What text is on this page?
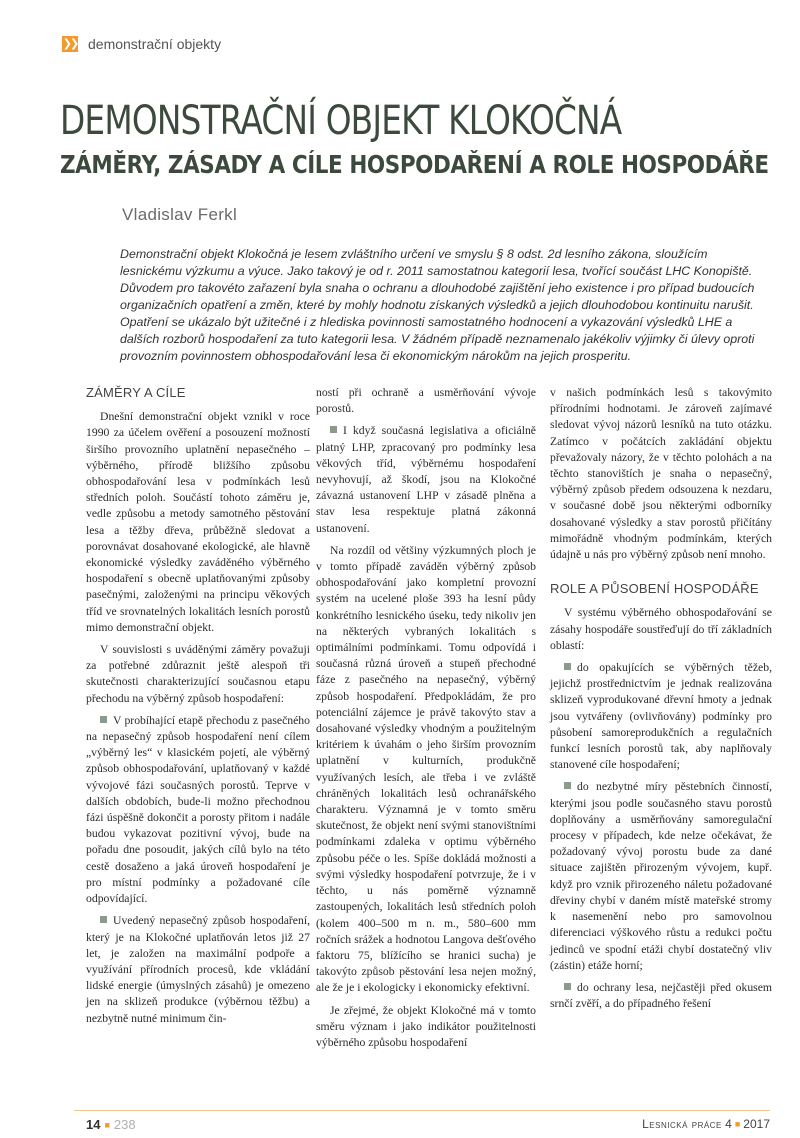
❯❯ demonstrační objekty
DEMONSTRAČNÍ OBJEKT KLOKOČNÁ
ZÁMĚRY, ZÁSADY A CÍLE HOSPODAŘENÍ A ROLE HOSPODÁŘE
Vladislav Ferkl

Demonstrační objekt Klokočná je lesem zvláštního určení ve smyslu § 8 odst. 2d lesního zákona, sloužícím lesnickému výzkumu a výuce. Jako takový je od r. 2011 samostatnou kategorií lesa, tvořící součást LHC Konopiště. Důvodem pro takovéto zařazení byla snaha o ochranu a dlouhodobé zajištění jeho existence i pro případ budoucích organizačních opatření a změn, které by mohly hodnotu získaných výsledků a jejich dlouhodobou kontinuitu narušit. Opatření se ukázalo být užitečné i z hlediska povinnosti samostatného hodnocení a vykazování výsledků LHE a dalších rozborů hospodaření za tuto kategorii lesa. V žádném případě neznamenalo jakékoliv výjimky či úlevy oproti provozním povinnostem obhospodařování lesa či ekonomickým nárokům na jejich prosperitu.

ZÁMĚRY A CÍLE

Dnešní demonstrační objekt vznikl v roce 1990 za účelem ověření a posouzení možností širšího provozního uplatnění nepasečného – výběrného, přírodě bližšího způsobu obhospodařování lesa v podmínkách lesů středních poloh. Součástí tohoto záměru je, vedle způsobu a metody samotného pěstování lesa a těžby dřeva, průběžně sledovat a porovnávat dosahované ekologické, ale hlavně ekonomické výsledky zaváděného výběrného hospodaření s obecně uplatňovanými způsoby pasečnými, založenými na principu věkových tříd ve srovnatelných lokalitách lesních porostů mimo demonstrační objekt.

V souvislosti s uváděnými záměry považuji za potřebné zdůraznit ještě alespoň tři skutečnosti charakterizující současnou etapu přechodu na výběrný způsob hospodaření:

V probíhající etapě přechodu z pasečného na nepasečný způsob hospodaření není cílem „výběrný les“ v klasickém pojetí, ale výběrný způsob obhospodařování, uplatňovaný v každé vývojové fázi současných porostů. Teprve v dalších obdobích, bude-li možno přechodnou fázi úspěšně dokončit a porosty přitom i nadále budou vykazovat pozitivní vývoj, bude na pořadu dne posoudit, jakých cílů bylo na této cestě dosaženo a jaká úroveň hospodaření je pro místní podmínky a požadované cíle odpovídající.

Uvedený nepasečný způsob hospodaření, který je na Klokočné uplatňován letos již 27 let, je založen na maximální podpoře a využívání přírodních procesů, kde vkládání lidské energie (úmyslných zásahů) je omezeno jen na sklizeň produkce (výběrnou těžbu) a nezbytně nutné minimum čin-

ností při ochraně a usměrňování vývoje porostů.

I když současná legislativa a oficiálně platný LHP, zpracovaný pro podmínky lesa věkových tříd, výběrnému hospodaření nevyhovují, až škodí, jsou na Klokočné závazná ustanovení LHP v zásadě plněna a stav lesa respektuje platná zákonná ustanovení.

Na rozdíl od většiny výzkumných ploch je v tomto případě zaváděn výběrný způsob obhospodařování jako kompletní provozní systém na ucelené ploše 393 ha lesní půdy konkrétního lesnického úseku, tedy nikoliv jen na některých vybraných lokalitách s optimálními podmínkami. Tomu odpovídá i současná různá úroveň a stupeň přechodné fáze z pasečného na nepasečný, výběrný způsob hospodaření. Předpokládám, že pro potenciální zájemce je právě takovýto stav a dosahované výsledky vhodným a použitelným kritériem k úvahám o jeho širším provozním uplatnění v kulturních, produkčně využívaných lesích, ale třeba i ve zvláště chráněných lokalitách lesů ochranářského charakteru. Významná je v tomto směru skutečnost, že objekt není svými stanovištními podmínkami zdaleka v optimu výběrného způsobu péče o les. Spíše dokládá možnosti a svými výsledky hospodaření potvrzuje, že i v těchto, u nás poměrně významně zastoupených, lokalitách lesů středních poloh (kolem 400–500 m n. m., 580–600 mm ročních srážek a hodnotou Langova dešťového faktoru 75, blížícího se hranici sucha) je takovýto způsob pěstování lesa nejen možný, ale že je i ekologicky i ekonomicky efektivní.

Je zřejmé, že objekt Klokočné má v tomto směru význam i jako indikátor použitelnosti výběrného způsobu hospodaření

v našich podmínkách lesů s takovýmito přírodními hodnotami. Je zároveň zajímavé sledovat vývoj názorů lesníků na tuto otázku. Zatímco v počátcích zakládání objektu převažovaly názory, že v těchto polohách a na těchto stanovištích je snaha o nepasečný, výběrný způsob předem odsouzena k nezdaru, v současné době jsou některými odborníky dosahované výsledky a stav porostů přičítány mimořádně vhodným podmínkám, kterých údajně u nás pro výběrný způsob není mnoho.

ROLE A PŮSOBENÍ HOSPODÁŘE

V systému výběrného obhospodařování se zásahy hospodáře soustřeďují do tří základních oblastí:

do opakujících se výběrných těžeb, jejichž prostřednictvím je jednak realizována sklizeň vyprodukované dřevní hmoty a jednak jsou vytvářeny (ovlivňovány) podmínky pro působení samoreprodukčních a regulačních funkcí lesních porostů tak, aby naplňovaly stanovené cíle hospodaření;

do nezbytné míry pěstebních činností, kterými jsou podle současného stavu porostů doplňovány a usměrňovány samoregulační procesy v případech, kde nelze očekávat, že požadovaný vývoj porostu bude za dané situace zajištěn přirozeným vývojem, kupř. když pro vznik přirozeného náletu požadované dřeviny chybí v daném místě mateřské stromy k nasemenění nebo pro samovolnou diferenciaci výškového růstu a redukci počtu jedinců ve spodní etáži chybí dostatečný vliv (zástin) etáže horní;

do ochrany lesa, nejčastěji před okusem srnčí zvěří, a do případného řešení

14 ■ 238	Lesnická práce 4 ■ 2017
